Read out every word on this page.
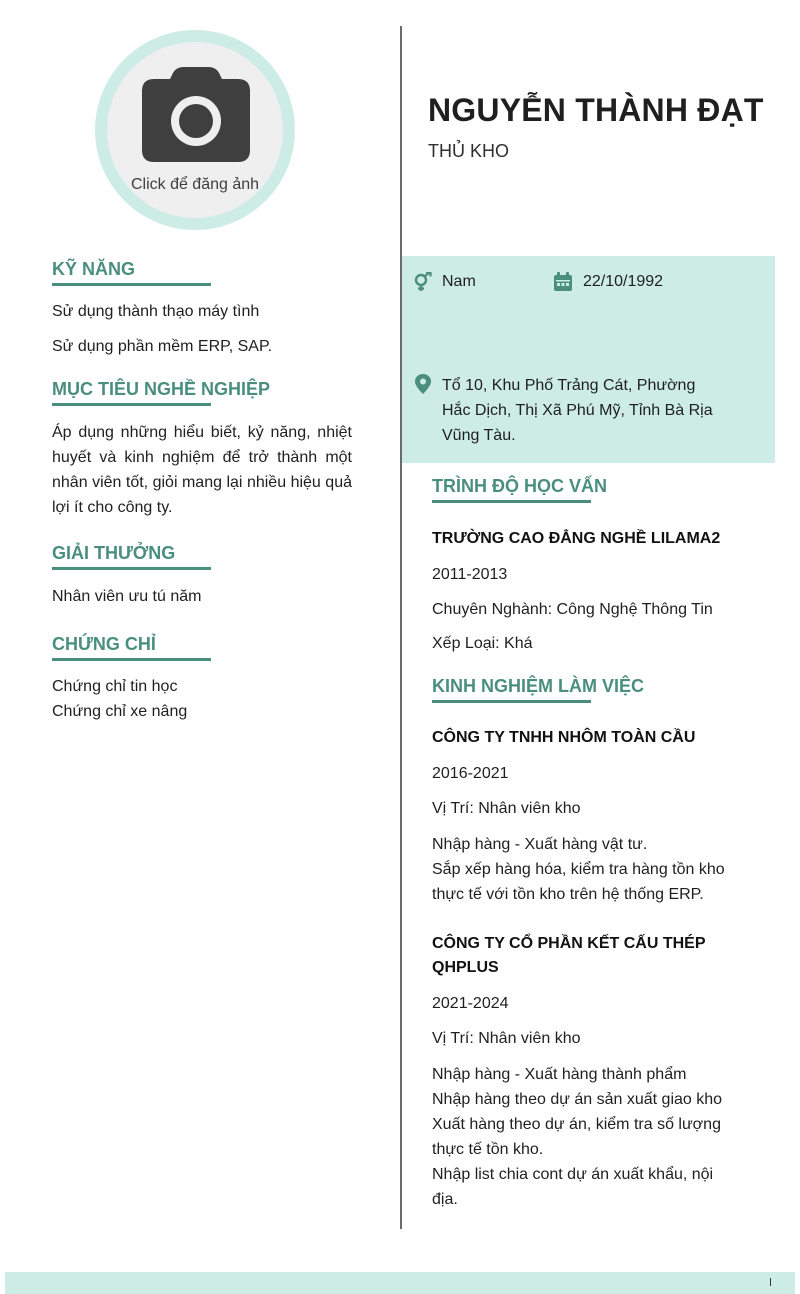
Click để đăng ảnh
KỸ NĂNG
Sử dụng thành thạo máy tình
Sử dụng phần mềm ERP, SAP.
MỤC TIÊU NGHỀ NGHIỆP
Áp dụng những hiểu biết, kỷ năng, nhiệt huyết và kinh nghiệm để trở thành một nhân viên tốt, giỏi mang lại nhiều hiệu quả lợi ít cho công ty.
GIẢI THƯỞNG
Nhân viên ưu tú năm
CHỨNG CHỈ
Chứng chỉ tin học
Chứng chỉ xe nâng
NGUYỄN THÀNH ĐẠT
THỦ KHO
Nam	22/10/1992
Tổ 10, Khu Phố Trảng Cát, Phường
Hắc Dịch, Thị Xã Phú Mỹ, Tỉnh Bà Rịa
Vũng Tàu.
TRÌNH ĐỘ HỌC VẤN
TRƯỜNG CAO ĐẲNG NGHỀ LILAMA2
2011-2013
Chuyên Nghành: Công Nghệ Thông Tin
Xếp Loại: Khá
KINH NGHIỆM LÀM VIỆC
CÔNG TY TNHH NHÔM TOÀN CẦU
2016-2021
Vị Trí: Nhân viên kho
Nhập hàng - Xuất hàng vật tư.
Sắp xếp hàng hóa, kiểm tra hàng tồn kho
thực tế với tồn kho trên hệ thống ERP.
CÔNG TY CỔ PHẦN KẾT CẤU THÉP
QHPLUS
2021-2024
Vị Trí: Nhân viên kho
Nhập hàng - Xuất hàng thành phẩm
Nhập hàng theo dự án sản xuất giao kho
Xuất hàng theo dự án, kiểm tra số lượng
thực tế tồn kho.
Nhập list chia cont dự án xuất khẩu, nội
địa.
